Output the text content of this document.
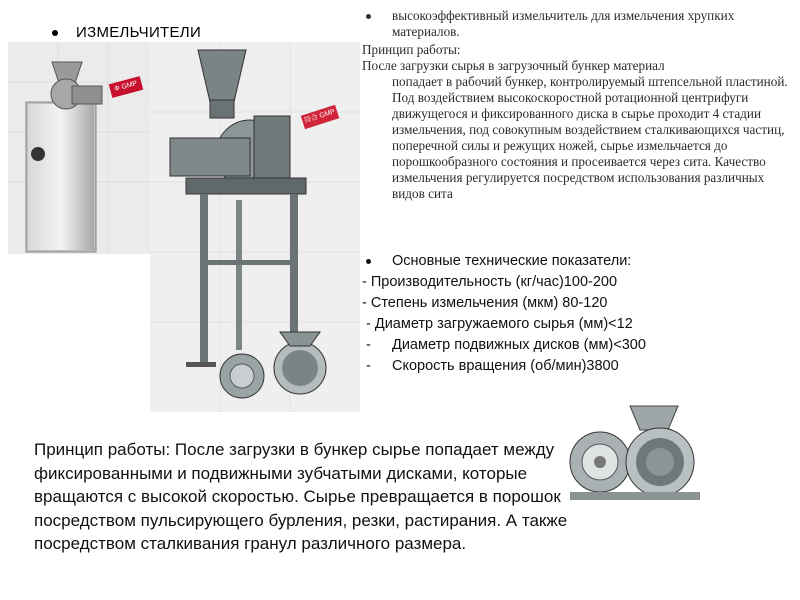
ИЗМЕЛЬЧИТЕЛИ
Ф GMP
符合 GMP
высокоэффективный измельчитель для измельчения хрупких материалов.
Принцип работы:
После загрузки сырья в загрузочный бункер материал
попадает в рабочий бункер, контролируемый штепсельной пластиной. Под воздействием высокоскоростной ротационной центрифуги движущегося и фиксированного диска в сырье проходит 4 стадии измельчения, под совокупным воздействием сталкивающихся частиц, поперечной силы и режущих ножей, сырье измельчается до порошкообразного состояния и просеивается через сита. Качество измельчения регулируется посредством использования различных видов сита
Основные технические показатели:
- Производительность (кг/час)100-200
- Степень измельчения (мкм) 80-120
- Диаметр загружаемого сырья (мм)<12
- Диаметр подвижных дисков (мм)<300
- Скорость вращения (об/мин)3800
Принцип работы: После загрузки в бункер сырье попадает между фиксированными и подвижными зубчатыми дисками, которые вращаются с высокой скоростью. Сырье превращается в порошок посредством пульсирующего бурления, резки, растирания. А также посредством сталкивания гранул различного размера.
